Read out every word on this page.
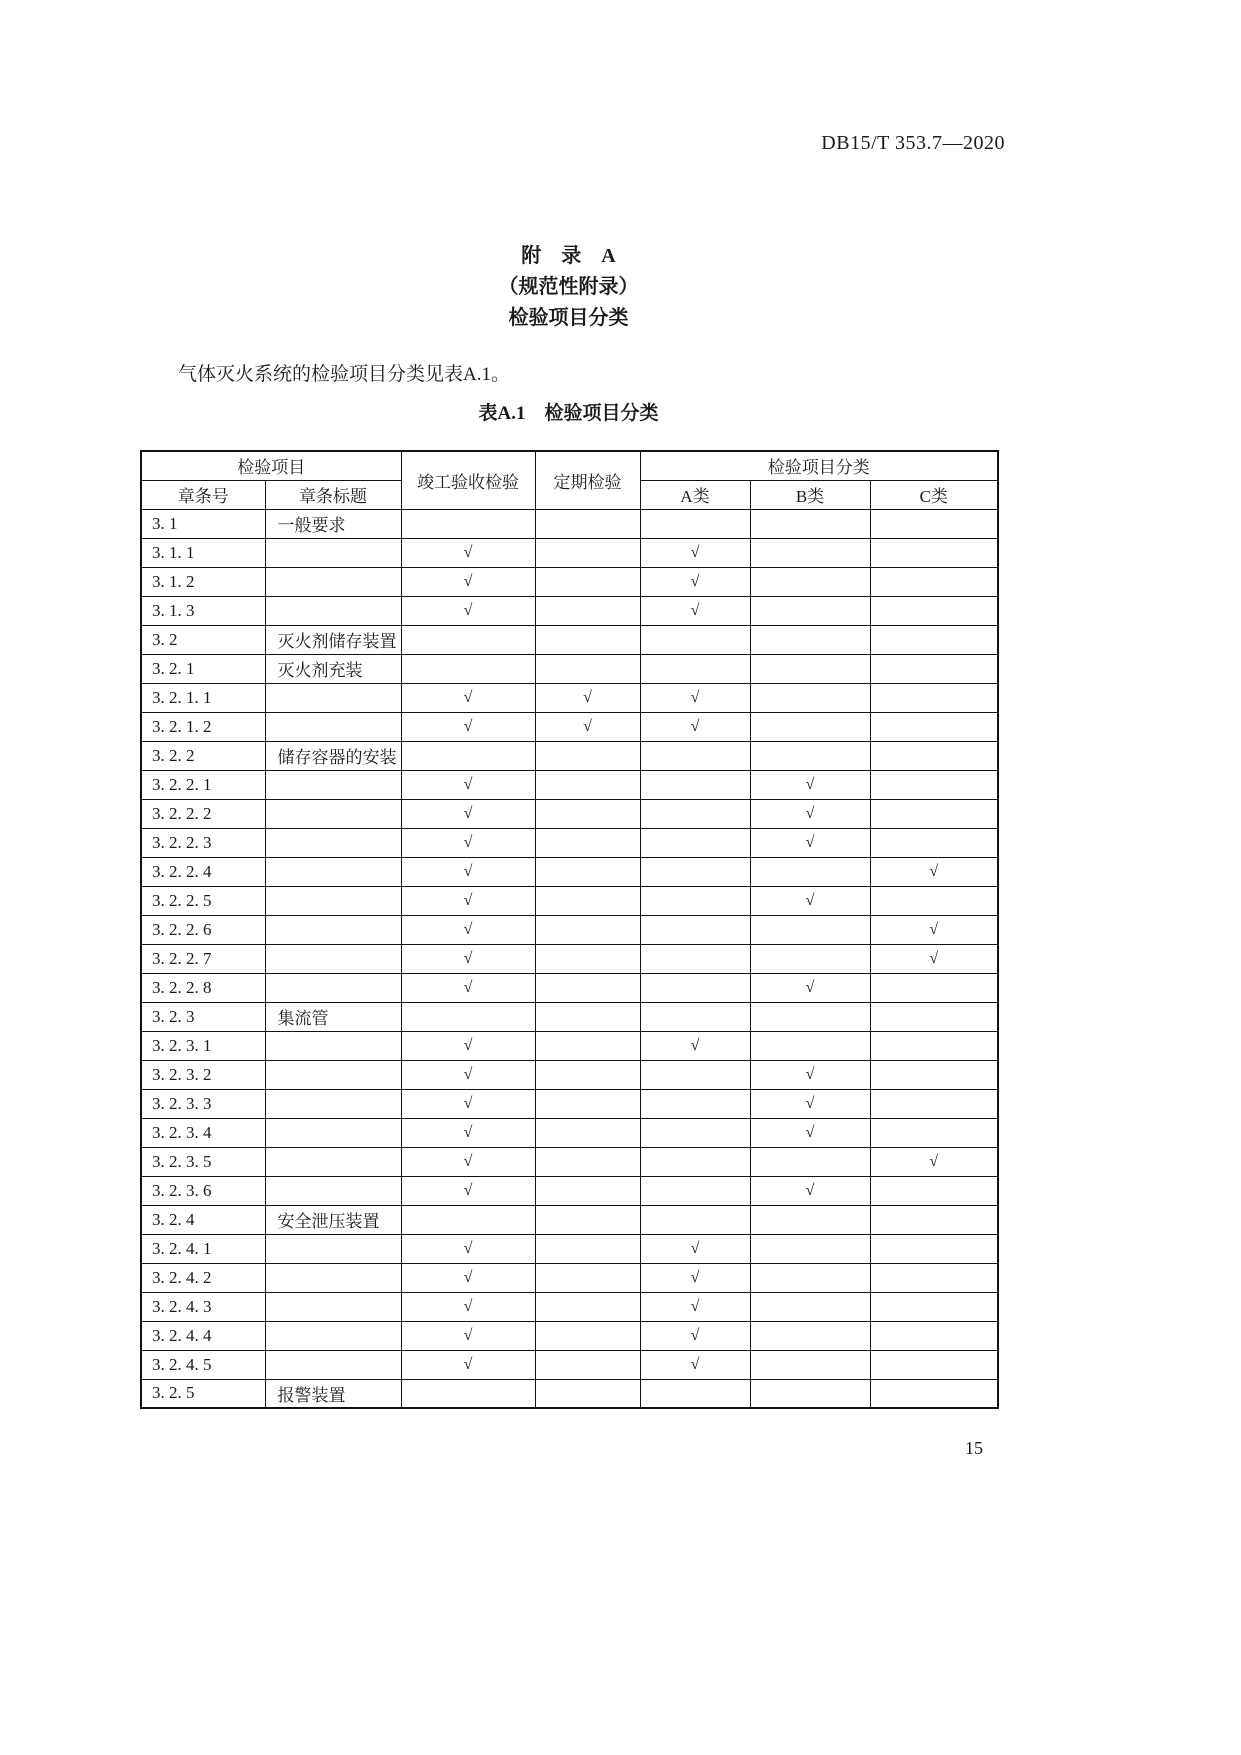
DB15/T 353.7—2020
附　录　A
（规范性附录）
检验项目分类
气体灭火系统的检验项目分类见表A.1。
表A.1　检验项目分类
检验项目		竣工验收检验	定期检验	检验项目分类		
章条号	章条标题			A类	B类	C类
3. 1	一般要求					
3. 1. 1		√		√		
3. 1. 2		√		√		
3. 1. 3		√		√		
3. 2	灭火剂储存装置					
3. 2. 1	灭火剂充装					
3. 2. 1. 1		√	√	√		
3. 2. 1. 2		√	√	√		
3. 2. 2	储存容器的安装					
3. 2. 2. 1		√			√	
3. 2. 2. 2		√			√	
3. 2. 2. 3		√			√	
3. 2. 2. 4		√				√
3. 2. 2. 5		√			√	
3. 2. 2. 6		√				√
3. 2. 2. 7		√				√
3. 2. 2. 8		√			√	
3. 2. 3	集流管					
3. 2. 3. 1		√		√		
3. 2. 3. 2		√			√	
3. 2. 3. 3		√			√	
3. 2. 3. 4		√			√	
3. 2. 3. 5		√				√
3. 2. 3. 6		√			√	
3. 2. 4	安全泄压装置					
3. 2. 4. 1		√		√		
3. 2. 4. 2		√		√		
3. 2. 4. 3		√		√		
3. 2. 4. 4		√		√		
3. 2. 4. 5		√		√		
3. 2. 5	报警装置					
15
